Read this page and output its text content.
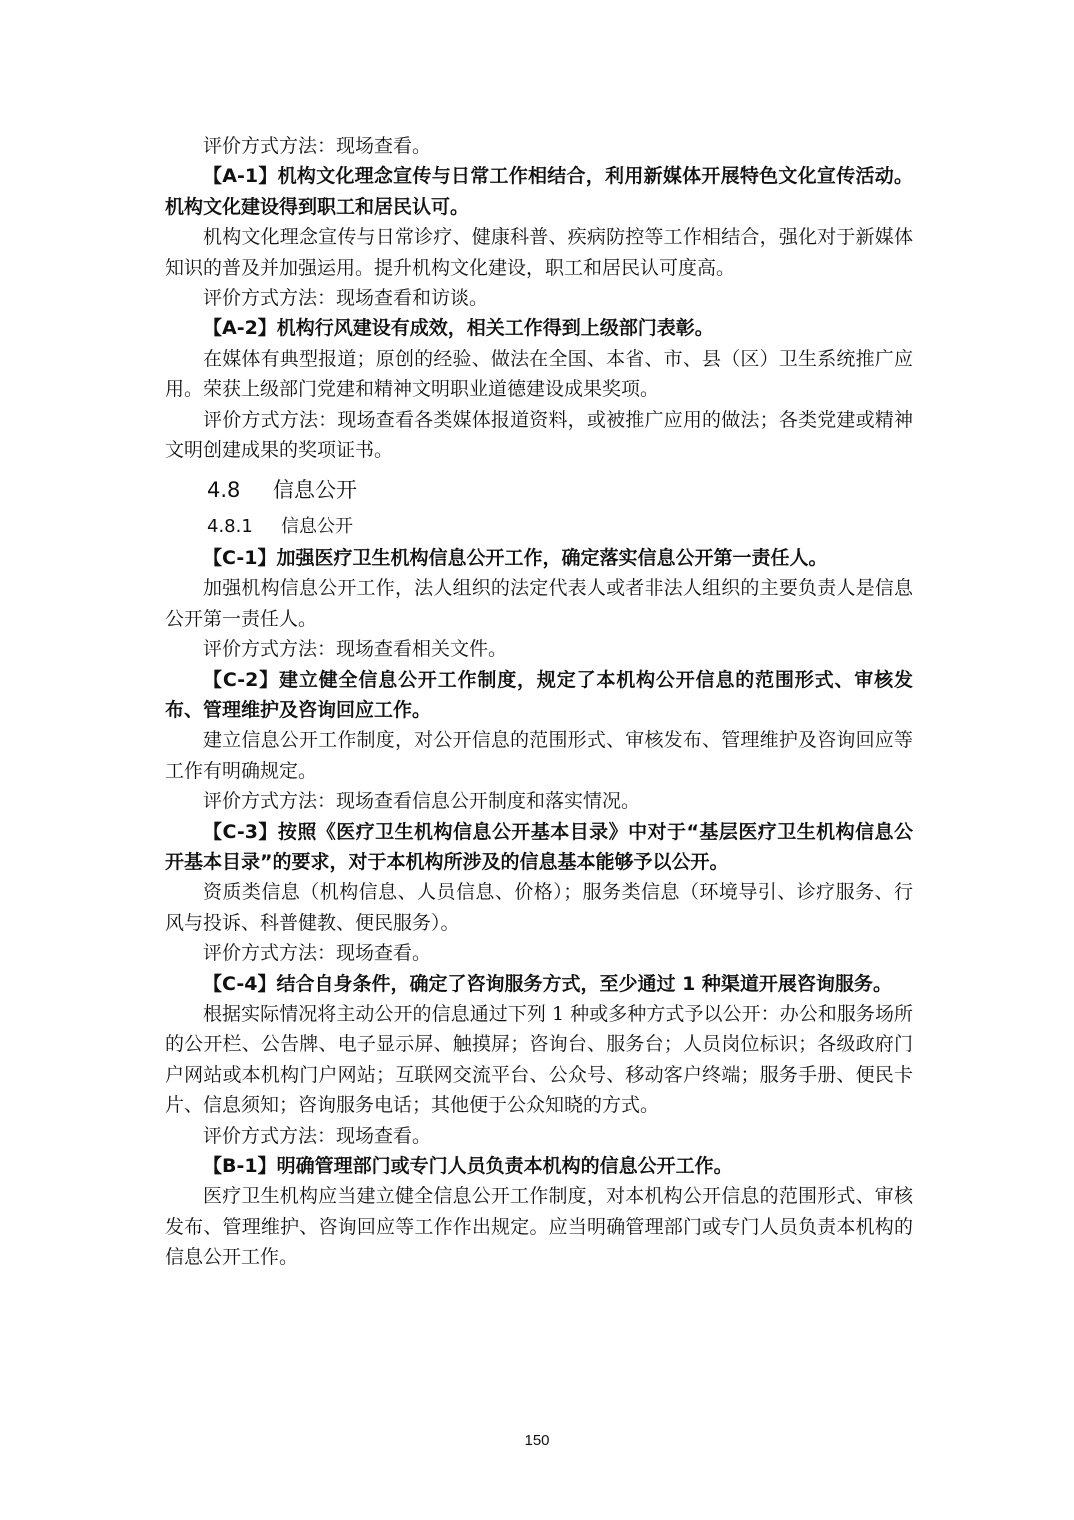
评价方式方法：现场查看。

【A-1】机构文化理念宣传与日常工作相结合，利用新媒体开展特色文化宣传活动。机构文化建设得到职工和居民认可。

机构文化理念宣传与日常诊疗、健康科普、疾病防控等工作相结合，强化对于新媒体知识的普及并加强运用。提升机构文化建设，职工和居民认可度高。

评价方式方法：现场查看和访谈。

【A-2】机构行风建设有成效，相关工作得到上级部门表彰。

在媒体有典型报道；原创的经验、做法在全国、本省、市、县（区）卫生系统推广应用。荣获上级部门党建和精神文明职业道德建设成果奖项。

评价方式方法：现场查看各类媒体报道资料，或被推广应用的做法；各类党建或精神文明创建成果的奖项证书。

4.8 信息公开
4.8.1 信息公开

【C-1】加强医疗卫生机构信息公开工作，确定落实信息公开第一责任人。

加强机构信息公开工作，法人组织的法定代表人或者非法人组织的主要负责人是信息公开第一责任人。

评价方式方法：现场查看相关文件。

【C-2】建立健全信息公开工作制度，规定了本机构公开信息的范围形式、审核发布、管理维护及咨询回应工作。

建立信息公开工作制度，对公开信息的范围形式、审核发布、管理维护及咨询回应等工作有明确规定。

评价方式方法：现场查看信息公开制度和落实情况。

【C-3】按照《医疗卫生机构信息公开基本目录》中对于“基层医疗卫生机构信息公开基本目录”的要求，对于本机构所涉及的信息基本能够予以公开。

资质类信息（机构信息、人员信息、价格）；服务类信息（环境导引、诊疗服务、行风与投诉、科普健教、便民服务）。

评价方式方法：现场查看。

【C-4】结合自身条件，确定了咨询服务方式，至少通过 1 种渠道开展咨询服务。

根据实际情况将主动公开的信息通过下列 1 种或多种方式予以公开：办公和服务场所的公开栏、公告牌、电子显示屏、触摸屏；咨询台、服务台；人员岗位标识；各级政府门户网站或本机构门户网站；互联网交流平台、公众号、移动客户终端；服务手册、便民卡片、信息须知；咨询服务电话；其他便于公众知晓的方式。

评价方式方法：现场查看。

【B-1】明确管理部门或专门人员负责本机构的信息公开工作。

医疗卫生机构应当建立健全信息公开工作制度，对本机构公开信息的范围形式、审核发布、管理维护、咨询回应等工作作出规定。应当明确管理部门或专门人员负责本机构的信息公开工作。

150
